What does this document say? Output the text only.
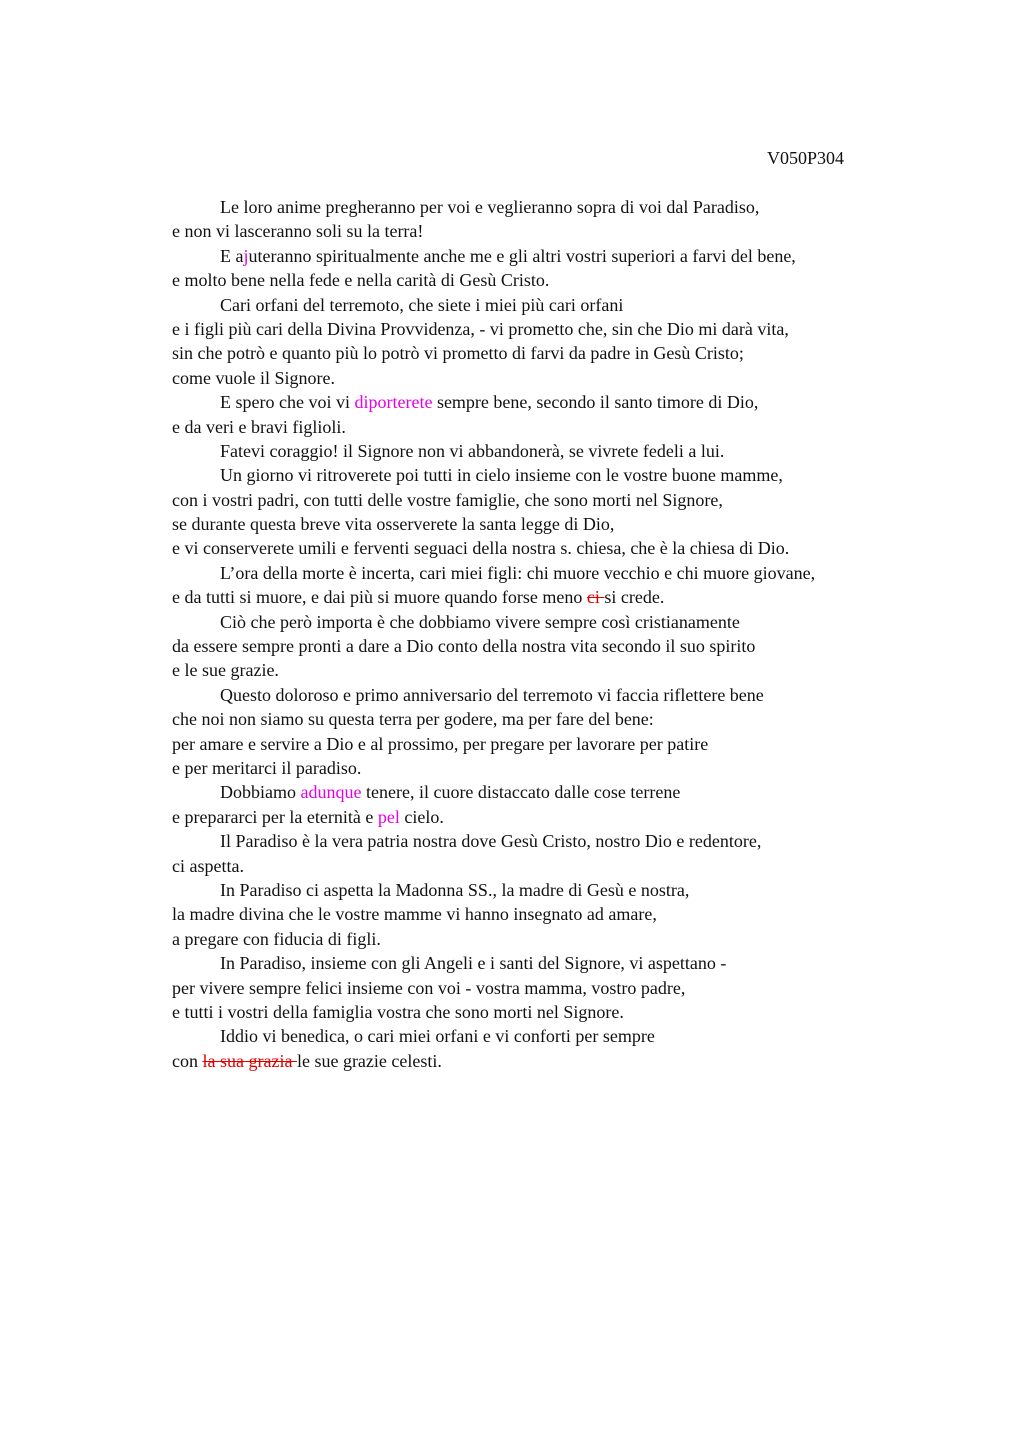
V050P304
Le loro anime pregheranno per voi e veglieranno sopra di voi dal Paradiso,
e non vi lasceranno soli su la terra!
E ajuteranno spiritualmente anche me e gli altri vostri superiori a farvi del bene,
e molto bene nella fede e nella carità di Gesù Cristo.
Cari orfani del terremoto, che siete i miei più cari orfani
e i figli più cari della Divina Provvidenza, - vi prometto che, sin che Dio mi darà vita,
sin che potrò e quanto più lo potrò vi prometto di farvi da padre in Gesù Cristo;
come vuole il Signore.
E spero che voi vi diporterete sempre bene, secondo il santo timore di Dio,
e da veri e bravi figlioli.
Fatevi coraggio! il Signore non vi abbandonerà, se vivrete fedeli a lui.
Un giorno vi ritroverete poi tutti in cielo insieme con le vostre buone mamme,
con i vostri padri, con tutti delle vostre famiglie, che sono morti nel Signore,
se durante questa breve vita osserverete la santa legge di Dio,
e vi conserverete umili e ferventi seguaci della nostra s. chiesa, che è la chiesa di Dio.
L’ora della morte è incerta, cari miei figli: chi muore vecchio e chi muore giovane,
e da tutti si muore, e dai più si muore quando forse meno ci si crede.
Ciò che però importa è che dobbiamo vivere sempre così cristianamente
da essere sempre pronti a dare a Dio conto della nostra vita secondo il suo spirito
e le sue grazie.
Questo doloroso e primo anniversario del terremoto vi faccia riflettere bene
che noi non siamo su questa terra per godere, ma per fare del bene:
per amare e servire a Dio e al prossimo, per pregare per lavorare per patire
e per meritarci il paradiso.
Dobbiamo adunque tenere, il cuore distaccato dalle cose terrene
e prepararci per la eternità e pel cielo.
Il Paradiso è la vera patria nostra dove Gesù Cristo, nostro Dio e redentore,
ci aspetta.
In Paradiso ci aspetta la Madonna SS., la madre di Gesù e nostra,
la madre divina che le vostre mamme vi hanno insegnato ad amare,
a pregare con fiducia di figli.
In Paradiso, insieme con gli Angeli e i santi del Signore, vi aspettano -
per vivere sempre felici insieme con voi - vostra mamma, vostro padre,
e tutti i vostri della famiglia vostra che sono morti nel Signore.
Iddio vi benedica, o cari miei orfani e vi conforti per sempre
con la sua grazia le sue grazie celesti.
